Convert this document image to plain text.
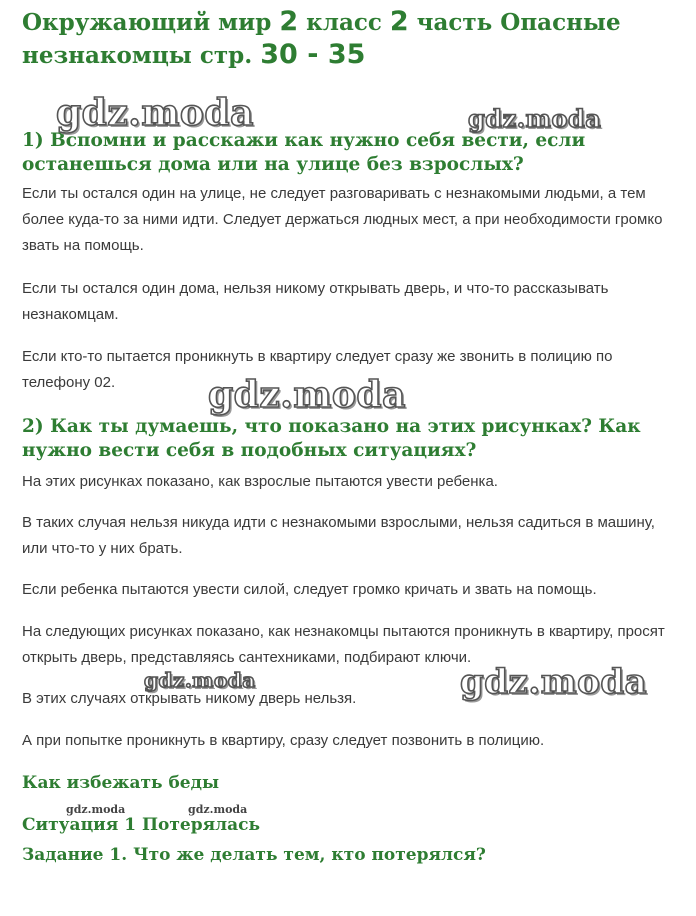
Окружающий мир 2 класс 2 часть Опасные незнакомцы стр. 30 - 35
1) Вспомни и расскажи как нужно себя вести, если останешься дома или на улице без взрослых?

Если ты остался один на улице, не следует разговаривать с незнакомыми людьми, а тем более куда-то за ними идти. Следует держаться людных мест, а при необходимости громко звать на помощь.

Если ты остался один дома, нельзя никому открывать дверь, и что-то рассказывать незнакомцам.

Если кто-то пытается проникнуть в квартиру следует сразу же звонить в полицию по телефону 02.

2) Как ты думаешь, что показано на этих рисунках? Как нужно вести себя в подобных ситуациях?

На этих рисунках показано, как взрослые пытаются увести ребенка.

В таких случая нельзя никуда идти с незнакомыми взрослыми, нельзя садиться в машину, или что-то у них брать.

Если ребенка пытаются увести силой, следует громко кричать и звать на помощь.

На следующих рисунках показано, как незнакомцы пытаются проникнуть в квартиру, просят открыть дверь, представляясь сантехниками, подбирают ключи.

В этих случаях открывать никому дверь нельзя.

А при попытке проникнуть в квартиру, сразу следует позвонить в полицию.

Как избежать беды
Ситуация 1 Потерялась
Задание 1. Что же делать тем, кто потерялся?
gdz.moda	gdz.moda
gdz.moda
gdz.moda	gdz.moda
gdz.moda	gdz.moda
